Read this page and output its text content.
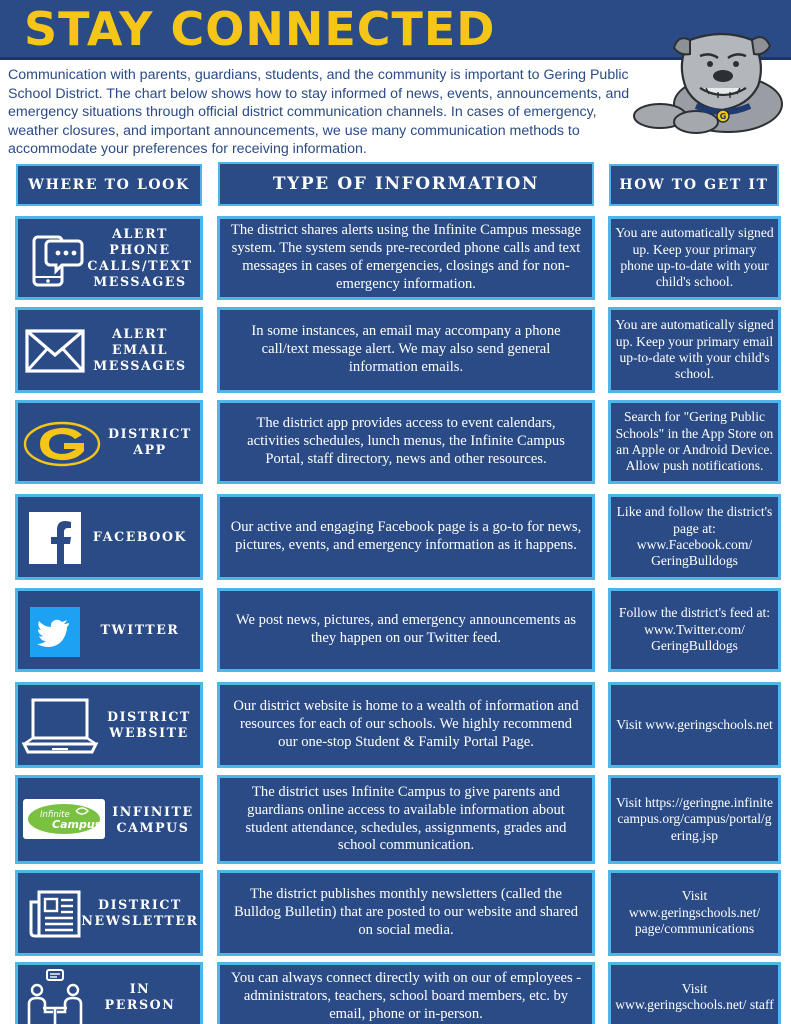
STAY CONNECTED

Communication with parents, guardians, students, and the community is important to Gering Public School District. The chart below shows how to stay informed of news, events, announcements, and emergency situations through official district communication channels. In cases of emergency, weather closures, and important announcements, we use many communication methods to accommodate your preferences for receiving information.

G
WHERE TO LOOK	TYPE OF INFORMATION	HOW TO GET IT
ALERT PHONE
CALLS/TEXT
MESSAGES
The district shares alerts using the Infinite Campus message system. The system sends pre-recorded phone calls and text messages in cases of emergencies, closings and for non-emergency information.
You are automatically signed up. Keep your primary phone up-to-date with your child's school.
ALERT EMAIL
MESSAGES
In some instances, an email may accompany a phone call/text message alert. We may also send general information emails.
You are automatically signed up. Keep your primary email up-to-date with your child's school.
DISTRICT
APP
The district app provides access to event calendars, activities schedules, lunch menus, the Infinite Campus Portal, staff directory, news and other resources.
Search for "Gering Public Schools" in the App Store on an Apple or Android Device. Allow push notifications.
FACEBOOK
Our active and engaging Facebook page is a go-to for news, pictures, events, and emergency information as it happens.
Like and follow the district's page at: www.Facebook.com/ GeringBulldogs
TWITTER
We post news, pictures, and emergency announcements as they happen on our Twitter feed.
Follow the district's feed at: www.Twitter.com/ GeringBulldogs
DISTRICT
WEBSITE
Our district website is home to a wealth of information and resources for each of our schools. We highly recommend our one-stop Student & Family Portal Page.
Visit www.geringschools.net
Infinite
Campus
INFINITE
CAMPUS
The district uses Infinite Campus to give parents and guardians online access to available information about student attendance, schedules, assignments, grades and school communication.
Visit https://geringne.infinitecampus.org/campus/portal/gering.jsp
DISTRICT
NEWSLETTER
The district publishes monthly newsletters (called the Bulldog Bulletin) that are posted to our website and shared on social media.
Visit www.geringschools.net/ page/communications
IN
PERSON
You can always connect directly with on our of employees - administrators, teachers, school board members, etc. by email, phone or in-person.
Visit www.geringschools.net/ staff
